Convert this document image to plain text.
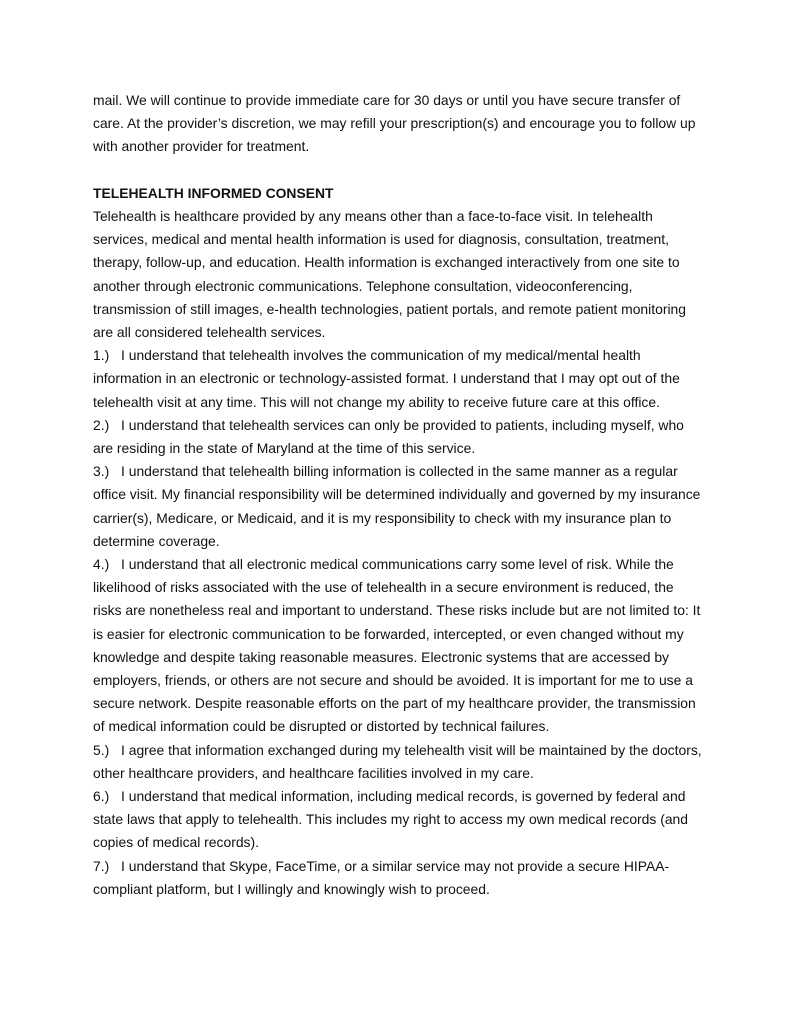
mail. We will continue to provide immediate care for 30 days or until you have secure transfer of care. At the provider’s discretion, we may refill your prescription(s) and encourage you to follow up with another provider for treatment.

TELEHEALTH INFORMED CONSENT

Telehealth is healthcare provided by any means other than a face-to-face visit. In telehealth services, medical and mental health information is used for diagnosis, consultation, treatment, therapy, follow-up, and education. Health information is exchanged interactively from one site to another through electronic communications. Telephone consultation, videoconferencing, transmission of still images, e-health technologies, patient portals, and remote patient monitoring are all considered telehealth services.

1.) I understand that telehealth involves the communication of my medical/mental health information in an electronic or technology-assisted format. I understand that I may opt out of the telehealth visit at any time. This will not change my ability to receive future care at this office.

2.) I understand that telehealth services can only be provided to patients, including myself, who are residing in the state of Maryland at the time of this service.

3.) I understand that telehealth billing information is collected in the same manner as a regular office visit. My financial responsibility will be determined individually and governed by my insurance carrier(s), Medicare, or Medicaid, and it is my responsibility to check with my insurance plan to determine coverage.

4.) I understand that all electronic medical communications carry some level of risk. While the likelihood of risks associated with the use of telehealth in a secure environment is reduced, the risks are nonetheless real and important to understand. These risks include but are not limited to: It is easier for electronic communication to be forwarded, intercepted, or even changed without my knowledge and despite taking reasonable measures. Electronic systems that are accessed by employers, friends, or others are not secure and should be avoided. It is important for me to use a secure network. Despite reasonable efforts on the part of my healthcare provider, the transmission of medical information could be disrupted or distorted by technical failures.

5.) I agree that information exchanged during my telehealth visit will be maintained by the doctors, other healthcare providers, and healthcare facilities involved in my care.

6.) I understand that medical information, including medical records, is governed by federal and state laws that apply to telehealth. This includes my right to access my own medical records (and copies of medical records).

7.) I understand that Skype, FaceTime, or a similar service may not provide a secure HIPAA-compliant platform, but I willingly and knowingly wish to proceed.
